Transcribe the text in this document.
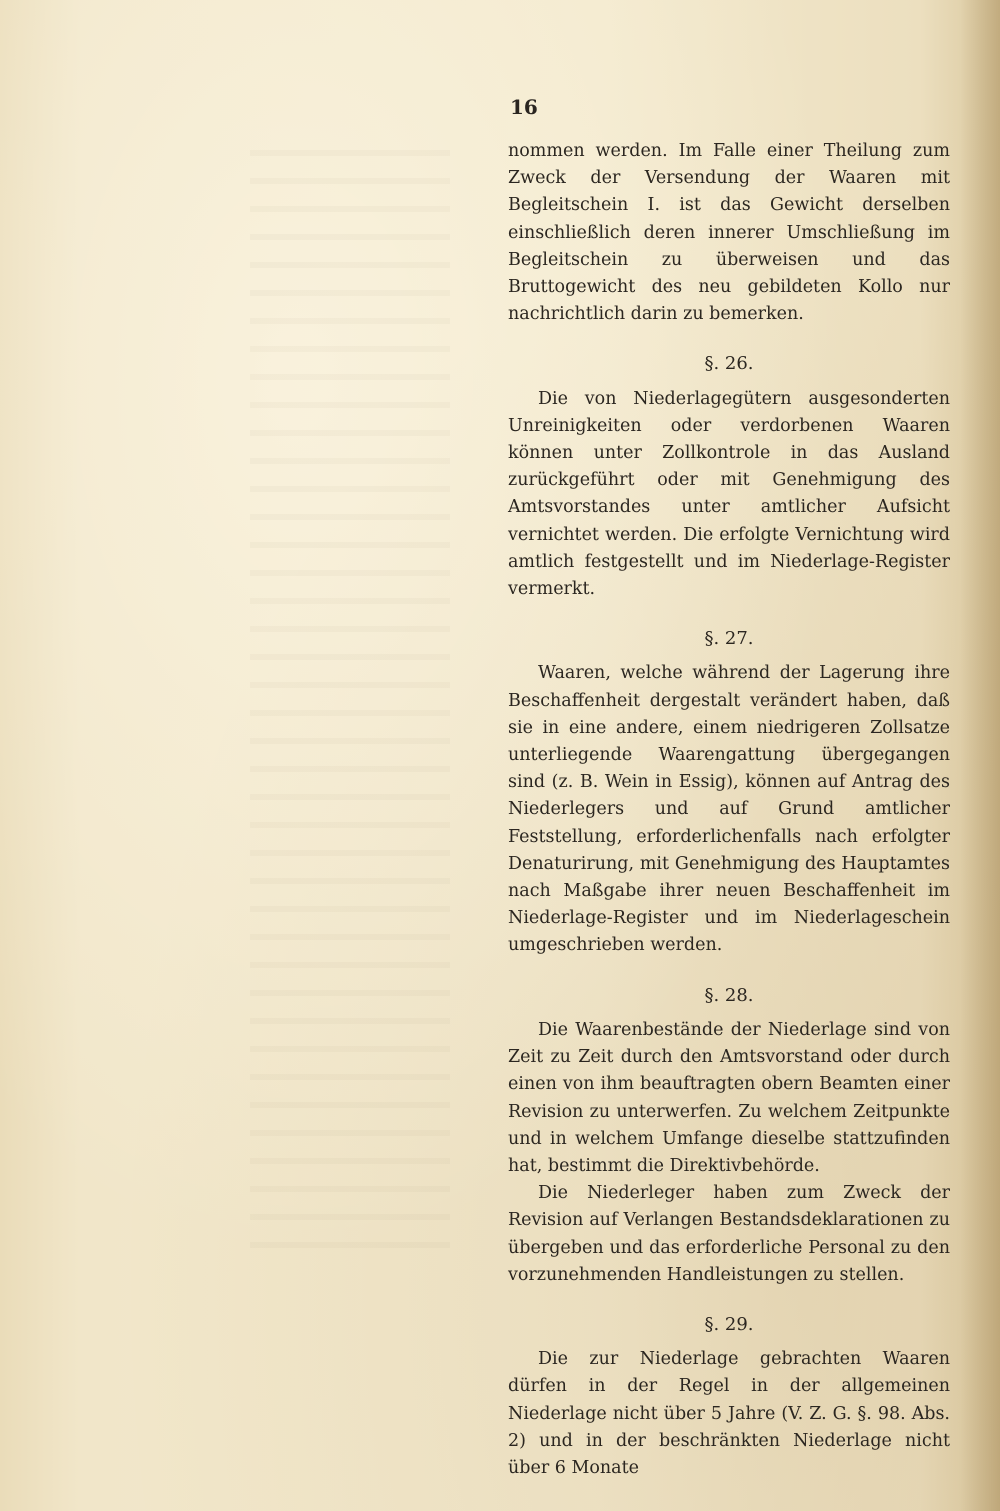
16

nommen werden. Im Falle einer Theilung zum Zweck der Versendung der Waaren mit Begleitschein I. ist das Gewicht derselben einschließlich deren innerer Umschließung im Begleitschein zu überweisen und das Bruttogewicht des neu gebildeten Kollo nur nachrichtlich darin zu bemerken.

§. 26.

Die von Niederlagegütern ausgesonderten Unreinigkeiten oder verdorbenen Waaren können unter Zollkontrole in das Ausland zurückgeführt oder mit Genehmigung des Amtsvorstandes unter amtlicher Aufsicht vernichtet werden. Die erfolgte Vernichtung wird amtlich festgestellt und im Niederlage-Register vermerkt.

§. 27.

Waaren, welche während der Lagerung ihre Beschaffenheit dergestalt verändert haben, daß sie in eine andere, einem niedrigeren Zollsatze unterliegende Waarengattung übergegangen sind (z. B. Wein in Essig), können auf Antrag des Niederlegers und auf Grund amtlicher Feststellung, erforderlichenfalls nach erfolgter Denaturirung, mit Genehmigung des Hauptamtes nach Maßgabe ihrer neuen Beschaffenheit im Niederlage-Register und im Niederlageschein umgeschrieben werden.

§. 28.

Die Waarenbestände der Niederlage sind von Zeit zu Zeit durch den Amtsvorstand oder durch einen von ihm beauftragten obern Beamten einer Revision zu unterwerfen. Zu welchem Zeitpunkte und in welchem Umfange dieselbe stattzufinden hat, bestimmt die Direktivbehörde.

Die Niederleger haben zum Zweck der Revision auf Verlangen Bestandsdeklarationen zu übergeben und das erforderliche Personal zu den vorzunehmenden Handleistungen zu stellen.

§. 29.

Die zur Niederlage gebrachten Waaren dürfen in der Regel in der allgemeinen Niederlage nicht über 5 Jahre (V. Z. G. §. 98. Abs. 2) und in der beschränkten Niederlage nicht über 6 Monate
